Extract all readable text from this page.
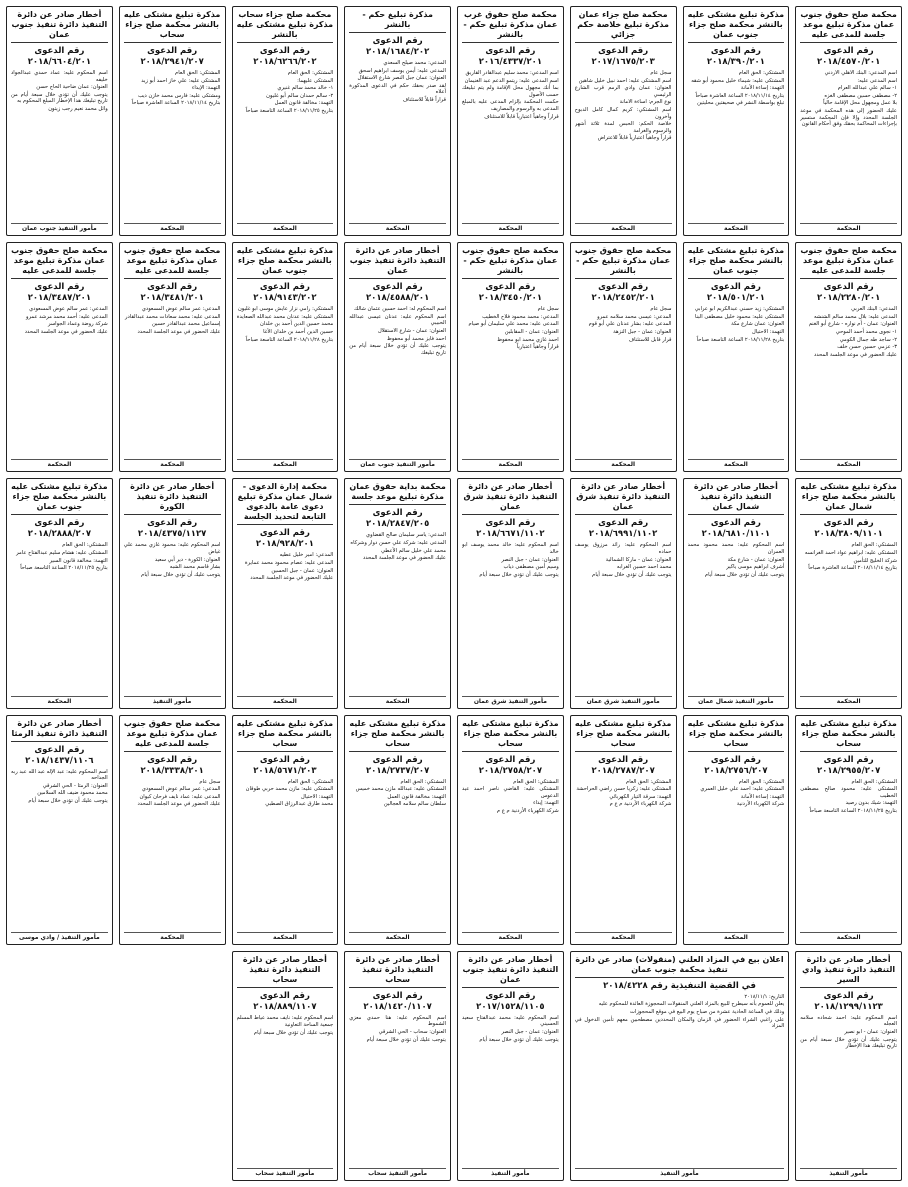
محكمة صلح حقوق جنوب عمان مذكرة تبليغ موعد جلسة للمدعى عليه
رقم الدعوى ٢٠١٨/٤٥٧٠/٢٠١

اسم المدعي: البنك الأهلي الأردني

اسم المدعى عليه:

١- سالم علي عبدالله العرام

٢- مصطفى حسين مصطفى الغزه

بلا عمل ومجهول محل الإقامة حالياً

عليك الحضور إلى هذه المحكمة في موعد الجلسة المحدد وإلا فإن المحكمة ستسير بإجراءات المحاكمة بحقك وفق أحكام القانون

المحكمة
مذكرة تبليغ مشتكى عليه بالنشر محكمة صلح جزاء جنوب عمان
رقم الدعوى ٢٠١٨/٣٩٠/٢٠١

المشتكي: الحق العام

المشتكى عليه: شيماء خليل محمود أبو شقه

التهمة: إساءة الأمانة

بتاريخ ٢٠١٨/١١/١٤ الساعة العاشرة صباحاً

تبلغ بواسطة النشر في صحيفتين محليتين

المحكمة
محكمة صلح جزاء عمان مذكرة تبليغ خلاصة حكم جزائي
رقم الدعوى ٢٠١٧/١٦٧٥/٢٠٣

سجل عام

اسم المشتكى عليه: احمد نبيل خليل شاهين

العنوان: عمان وادي الرمم قرب الشارع الرئيسي

نوع الجرم: اساءة الامانة

اسم المشتكي: كريم كمال كامل الدبوح وآخرون

خلاصة الحكم: الحبس لمدة ثلاثة أشهر والرسوم والغرامة

قراراً وجاهياً اعتبارياً قابلاً للاعتراض

المحكمة
محكمة صلح حقوق غرب عمان مذكرة تبليغ حكم - بالنشر
رقم الدعوى ٢٠١٦/٤٣٣٧/٢٠١

اسم المدعي: محمد سليم عبدالقادر القاريق

اسم المدعى عليه: ريتمو الدعم عبد الغنيمان

بما أنك مجهول محل الإقامة ولم يتم تبليغك حسب الأصول

حكمت المحكمة بإلزام المدعى عليه بالمبلغ المدعى به والرسوم والمصاريف

قراراً وجاهياً اعتبارياً قابلاً للاستئناف

المحكمة
مذكرة تبليغ حكم - بالنشر
رقم الدعوى ٢٠١٨/١٦٨٤/٢٠٢

المدعي: محمد صيلح السعدي

المدعى عليه: أيمن يوسف ابراهيم اسحق

العنوان: عمان جبل النصر شارع الاستقلال

لقد صدر بحقك حكم في الدعوى المذكورة أعلاه

قراراً قابلاً للاستئناف

المحكمة
محكمة صلح جزاء سحاب مذكرة تبليغ مشتكى عليه بالنشر
رقم الدعوى ٢٠١٨/٦٢٦٦/٢٠٢

المشتكي: الحق العام

المشتكى عليهما:

١- خالد محمد سالم غنيري

٢- سالم حمدان سالم أبو غليون

التهمة: مخالفة قانون العمل

بتاريخ ٢٠١٨/١١/٢٥ الساعة التاسعة صباحاً

المحكمة
مذكرة تبليغ مشتكى عليه بالنشر محكمة صلح جزاء سحاب
رقم الدعوى ٢٠١٨/٢٩٤١/٢٠٧

المشتكي: الحق العام

المشتكى عليه: علي خاز احمد أبو زيد

التهمة: الإيذاء

ومشتكى عليه: فارس محمد خازن ذيب

بتاريخ ٢٠١٨/١١/١٤ الساعة العاشرة صباحاً

المحكمة
أخطار صادر عن دائرة التنفيذ دائرة تنفيذ جنوب عمان
رقم الدعوى ٢٠١٨/٦٦٠٤/٢٠١

اسم المحكوم عليه: عماد حمدي عبدالجواد خليفه

العنوان: عمان ضاحية الحاج حسن

يتوجب عليك أن تؤدي خلال سبعة أيام من تاريخ تبليغك هذا الإخطار المبلغ المحكوم به

وائل محمد نعيم رجب زيتون

مأمور التنفيذ جنوب عمان
محكمة صلح حقوق جنوب عمان مذكرة تبليغ موعد جلسة للمدعى عليه
رقم الدعوى ٢٠١٨/٢٢٨٠/٢٠١

المدعي: البنك العربي

المدعى عليه: بلال محمد سالم الشنشه

العنوان: عمان - أم نواره - شارع أبو الغنم

١- نجوى محمد أحمد الموحي

٢- ساجد طه جمال الكومي

٣- عزمي حسين حسن خلف

عليك الحضور في موعد الجلسة المحدد

المحكمة
مذكرة تبليغ مشتكى عليه بالنشر محكمة صلح جزاء جنوب عمان
رقم الدعوى ٢٠١٨/٥٠١/٢٠١

المشتكي: زيد حسني عبدالكريم أبو عرابي

المشتكى عليه: محمود خليل مصطفى البنا

العنوان: عمان شارع مكة

التهمة: الاحتيال

بتاريخ ٢٠١٨/١١/٢٨ الساعة التاسعة صباحاً

المحكمة
محكمة صلح حقوق جنوب عمان مذكرة تبليغ حكم - بالنشر
رقم الدعوى ٢٠١٨/٢٤٥٢/٢٠١

سجل عام

المدعي: عيسى محمد سلامه عمرو

المدعى عليه: بشار عدنان علي أبو قوم

العنوان: عمان - جبل النزهة

قرار قابل للاستئناف

المحكمة
محكمة صلح حقوق جنوب عمان مذكرة تبليغ حكم - بالنشر
رقم الدعوى ٢٠١٨/٣٤٥٠/٢٠١

سجل عام

المدعي: محمد محمود فلاح الخطيب

المدعى عليه: محمد علي سليمان أبو صيام

العنوان: عمان - المقابلين

احمد غازي محمد ابو محفوظ

قراراً وجاهياً اعتبارياً

المحكمة
أخطار صادر عن دائرة التنفيذ دائرة تنفيذ جنوب عمان
رقم الدعوى ٢٠١٨/٤٥٨٨/٢٠١

اسم المحكوم له: أحمد حسين عثمان شالك

اسم المحكوم عليه: عدنان عيسى عبدالله الحبيبي

العنوان: عمان - شارع الاستقلال

احمد فايز محمد أبو محفوظ

يتوجب عليك أن تؤدي خلال سبعة أيام من تاريخ تبليغك

مأمور التنفيذ جنوب عمان
مذكرة تبليغ مشتكى عليه بالنشر محكمة صلح جزاء جنوب عمان
رقم الدعوى ٢٠١٨/٩١٤٣/٢٠٢

المشتكي: رامي نزار عايش موسى أبو غليون

المشتكى عليه: عدنان محمد عبدالله الصعايدة

محمد حسين الدين أحمد بن خلدان

حسين الدين أحمد بن خلدان الأغا

بتاريخ ٢٠١٨/١١/٢٨ الساعة التاسعة صباحاً

المحكمة
محكمة صلح حقوق جنوب عمان مذكرة تبليغ موعد جلسة للمدعى عليه
رقم الدعوى ٢٠١٨/٣٤٨١/٢٠١

المدعي: عمر سالم عوض المسعودي

المدعى عليه: محمد سعادات محمد عبدالقادر

إسماعيل محمد عبدالقادر حسين

عليك الحضور في موعد الجلسة المحدد

المحكمة
محكمة صلح حقوق جنوب عمان مذكرة تبليغ موعد جلسة للمدعى عليه
رقم الدعوى ٢٠١٨/٣٤٨٧/٢٠١

المدعي: عمر سالم عوض المسعودي

المدعى عليه: أحمد محمد مرشد عمرو

شركة روضة وعماد الجواسر

عليك الحضور في موعد الجلسة المحدد

المحكمة
مذكرة تبليغ مشتكى عليه بالنشر محكمة صلح جزاء شمال عمان
رقم الدعوى ٢٠١٨/٣٨٠٩/١١٠١

المشتكي: الحق العام

المشتكى عليه: ابراهيم عواد احمد الغرانسه

شركة الخليج للتأمين

بتاريخ ٢٠١٨/١١/١٤ الساعة العاشرة صباحاً

المحكمة
أخطار صادر عن دائرة التنفيذ دائرة تنفيذ شمال عمان
رقم الدعوى ٢٠١٨/٦٨١٠/١١٠١

اسم المحكوم عليه: محمد محمود محمد العمران

العنوان: عمان - شارع مكة

أشرف ابراهيم موسى ياكير

يتوجب عليك أن تؤدي خلال سبعة أيام

مأمور التنفيذ شمال عمان
أخطار صادر عن دائرة التنفيذ دائرة تنفيذ شرق عمان
رقم الدعوى ٢٠١٨/٦٩٩١/١١٠٢

اسم المحكوم عليه: رائد مرزوق يوسف حماده

العنوان: عمان - ماركا الشمالية

محمد احمد حسين الغرابه

يتوجب عليك أن تؤدي خلال سبعة أيام

مأمور التنفيذ شرق عمان
أخطار صادر عن دائرة التنفيذ دائرة تنفيذ شرق عمان
رقم الدعوى ٢٠١٨/٦٦٧١/١١٠٢

اسم المحكوم عليه: خالد محمد يوسف أبو خالد

العنوان: عمان - جبل النصر

وسيم أمين مصطفى ذياب

يتوجب عليك أن تؤدي خلال سبعة أيام

مأمور التنفيذ شرق عمان
محكمة بداية حقوق عمان مذكرة تبليغ موعد جلسة
رقم الدعوى ٢٠١٨/٢٨٤٧/٢٠٥

المدعي: ياسر سليمان صالح القضاوي

المدعى عليه: شركة علي حسن دوار وشركاه

محمد علي خليل سالم الأعطي

عليك الحضور في موعد الجلسة المحدد

المحكمة
محكمة إدارة الدعوى - شمال عمان مذكرة تبليغ دعوى عامة بالدعوى التابعة لتحديد الجلسة
رقم الدعوى ٢٠١٨/٩٢٨/٢٠١

المدعي: أمير خليل عطيه

المدعى عليه: عصام محمود محمد عمايرة

العنوان: عمان - جبل الحسين

عليك الحضور في موعد الجلسة المحدد

المحكمة
أخطار صادر عن دائرة التنفيذ دائرة تنفيذ الكورة
رقم الدعوى ٢٠١٨/٤٣٧٥/١١٢٧

اسم المحكوم عليه: محمود غازي محمد علي غياض

العنوان: الكورة - دير أبي سعيد

بشار قاسم محمد الشبه

يتوجب عليك أن تؤدي خلال سبعة أيام

مأمور التنفيذ
مذكرة تبليغ مشتكى عليه بالنشر محكمة صلح جزاء جنوب عمان
رقم الدعوى ٢٠١٨/٢٨٨٨/٢٠٧

المشتكي: الحق العام

المشتكى عليه: هشام سليم عبدالفتاح عامر

التهمة: مخالفة قانون السير

بتاريخ ٢٠١٨/١١/٢٥ الساعة التاسعة صباحاً

المحكمة
مذكرة تبليغ مشتكى عليه بالنشر محكمة صلح جزاء سحاب
رقم الدعوى ٢٠١٨/٢٩٥٥/٢٠٧

المشتكي: الحق العام

المشتكى عليه: محمود صالح مصطفى الخطيب

التهمة: شيك بدون رصيد

بتاريخ ٢٠١٨/١١/٢٥ الساعة التاسعة صباحاً

المحكمة
مذكرة تبليغ مشتكى عليه بالنشر محكمة صلح جزاء سحاب
رقم الدعوى ٢٠١٨/٢٧٥٦/٢٠٧

المشتكي: الحق العام

المشتكى عليه: احمد علي خليل العمري

التهمة: إساءة الأمانة

شركة الكهرباء الأردنية

المحكمة
مذكرة تبليغ مشتكى عليه بالنشر محكمة صلح جزاء سحاب
رقم الدعوى ٢٠١٨/٢٧٨٧/٢٠٧

المشتكي: الحق العام

المشتكى عليه: زكريا حسن راضي الحراحشة

التهمة: سرقة التيار الكهربائي

شركة الكهرباء الأردنية م ع م

المحكمة
مذكرة تبليغ مشتكى عليه بالنشر محكمة صلح جزاء سحاب
رقم الدعوى ٢٠١٨/٢٧٥٨/٢٠٧

المشتكي: الحق العام

المشتكى عليه: القاضي ناصر احمد عيد الدعوس

التهمة: إيذاء

شركة الكهرباء الأردنية م ع م

المحكمة
مذكرة تبليغ مشتكى عليه بالنشر محكمة صلح جزاء سحاب
رقم الدعوى ٢٠١٨/٢٧٣٧/٢٠٧

المشتكي: الحق العام

المشتكى عليه: عبدالله مازن محمد خميس

التهمة: مخالفة قانون العمل

سلطان سالم سلامه العجالين

المحكمة
مذكرة تبليغ مشتكى عليه بالنشر محكمة صلح جزاء سحاب
رقم الدعوى ٢٠١٨/٥٦٧١/٢٠٣

المشتكي: الحق العام

المشتكى عليه: مازن محمد حربي طوقان

التهمة: الاحتيال

محمد طارق عبدالرزاق الصطبي

المحكمة
محكمة صلح حقوق جنوب عمان مذكرة تبليغ موعد جلسة للمدعى عليه
رقم الدعوى ٢٠١٨/٣٣٣٨/٢٠١

سجل عام

المدعي: عمر سالم عوض المسعودي

المدعى عليه: عماد نايف فرحان كيوان

عليك الحضور في موعد الجلسة المحدد

المحكمة
أخطار صادر عن دائرة التنفيذ دائرة تنفيذ الرمثا
رقم الدعوى ٢٠١٨/١٤٣٧/١١٠٦

اسم المحكوم عليه: عبد الإله عبد الله عبد ربه الجداحه

العنوان: الرمثا - الحي الشرقي

محمد محمود ضيف الله السلامين

يتوجب عليك أن تؤدي خلال سبعة أيام

مأمور التنفيذ / وادي موسى
أخطار صادر عن دائرة التنفيذ دائرة تنفيذ وادي السير
رقم الدعوى ٢٠١٨/١٢٩٩/١١٢٣

اسم المحكوم عليه: احمد شحاده سلامه العجله

العنوان: عمان - ابو نصير

يتوجب عليك أن تؤدي خلال سبعة أيام من تاريخ تبليغك هذا الإخطار

مأمور التنفيذ
اعلان بيع في المزاد العلني (منقولات) صادر عن دائرة تنفيذ محكمة جنوب عمان
في القضية التنفيذية رقم ٢٠١٨/٤٢٢٨

التاريخ: ٢٠١٨/١١/١

يعلن للعموم بأنه سيطرح للبيع بالمزاد العلني المنقولات المحجوزة العائدة للمحكوم عليه

وذلك في الساعة الحادية عشرة من صباح يوم البيع في موقع المحجوزات

على راغبي الشراء الحضور في الزمان والمكان المحددين مصطحبين معهم تأمين الدخول في المزاد

مأمور التنفيذ
أخطار صادر عن دائرة التنفيذ دائرة تنفيذ جنوب عمان
رقم الدعوى ٢٠١٧/١٥٢٨/١١٠٥

اسم المحكوم عليه: محمد عبدالفتاح سعيد الحسيني

العنوان: عمان - جبل النصر

يتوجب عليك أن تؤدي خلال سبعة أيام

مأمور التنفيذ
أخطار صادر عن دائرة التنفيذ دائرة تنفيذ سحاب
رقم الدعوى ٢٠١٨/١٤٢٠/١١٠٧

اسم المحكوم عليه: هنا حمدي معزي الشموط

العنوان: سحاب - الحي الشرقي

يتوجب عليك أن تؤدي خلال سبعة أيام

مأمور التنفيذ سحاب
أخطار صادر عن دائرة التنفيذ دائرة تنفيذ سحاب
رقم الدعوى ٢٠١٨/٨٨٩/١١٠٧

اسم المحكوم عليه: نايف محمد عياط المسلم

جمعية الساحة التعاونية

يتوجب عليك أن تؤدي خلال سبعة أيام

مأمور التنفيذ سحاب
